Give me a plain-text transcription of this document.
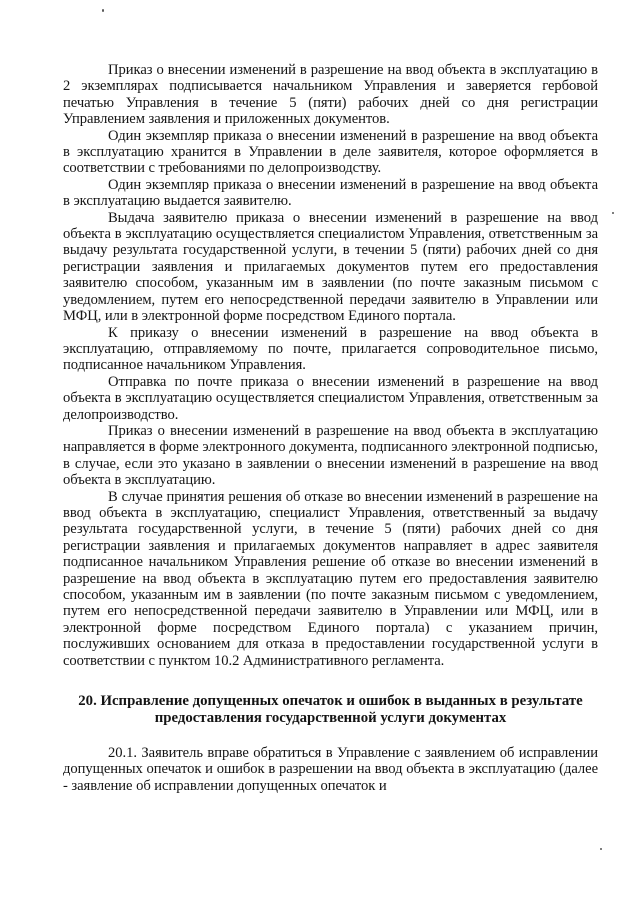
Приказ о внесении изменений в разрешение на ввод объекта в эксплуатацию в 2 экземплярах подписывается начальником Управления и заверяется гербовой печатью Управления в течение 5 (пяти) рабочих дней со дня регистрации Управлением заявления и приложенных документов.

Один экземпляр приказа о внесении изменений в разрешение на ввод объекта в эксплуатацию хранится в Управлении в деле заявителя, которое оформляется в соответствии с требованиями по делопроизводству.

Один экземпляр приказа о внесении изменений в разрешение на ввод объекта в эксплуатацию выдается заявителю.

Выдача заявителю приказа о внесении изменений в разрешение на ввод объекта в эксплуатацию осуществляется специалистом Управления, ответственным за выдачу результата государственной услуги, в течении 5 (пяти) рабочих дней со дня регистрации заявления и прилагаемых документов путем его предоставления заявителю способом, указанным им в заявлении (по почте заказным письмом с уведомлением, путем его непосредственной передачи заявителю в Управлении или МФЦ, или в электронной форме посредством Единого портала.

К приказу о внесении изменений в разрешение на ввод объекта в эксплуатацию, отправляемому по почте, прилагается сопроводительное письмо, подписанное начальником Управления.

Отправка по почте приказа о внесении изменений в разрешение на ввод объекта в эксплуатацию осуществляется специалистом Управления, ответственным за делопроизводство.

Приказ о внесении изменений в разрешение на ввод объекта в эксплуатацию направляется в форме электронного документа, подписанного электронной подписью, в случае, если это указано в заявлении о внесении изменений в разрешение на ввод объекта в эксплуатацию.

В случае принятия решения об отказе во внесении изменений в разрешение на ввод объекта в эксплуатацию, специалист Управления, ответственный за выдачу результата государственной услуги, в течение 5 (пяти) рабочих дней со дня регистрации заявления и прилагаемых документов направляет в адрес заявителя подписанное начальником Управления решение об отказе во внесении изменений в разрешение на ввод объекта в эксплуатацию путем его предоставления заявителю способом, указанным им в заявлении (по почте заказным письмом с уведомлением, путем его непосредственной передачи заявителю в Управлении или МФЦ, или в электронной форме посредством Единого портала) с указанием причин, послуживших основанием для отказа в предоставлении государственной услуги в соответствии с пунктом 10.2 Административного регламента.

20. Исправление допущенных опечаток и ошибок в выданных в результате предоставления государственной услуги документах

20.1. Заявитель вправе обратиться в Управление с заявлением об исправлении допущенных опечаток и ошибок в разрешении на ввод объекта в эксплуатацию (далее - заявление об исправлении допущенных опечаток и
